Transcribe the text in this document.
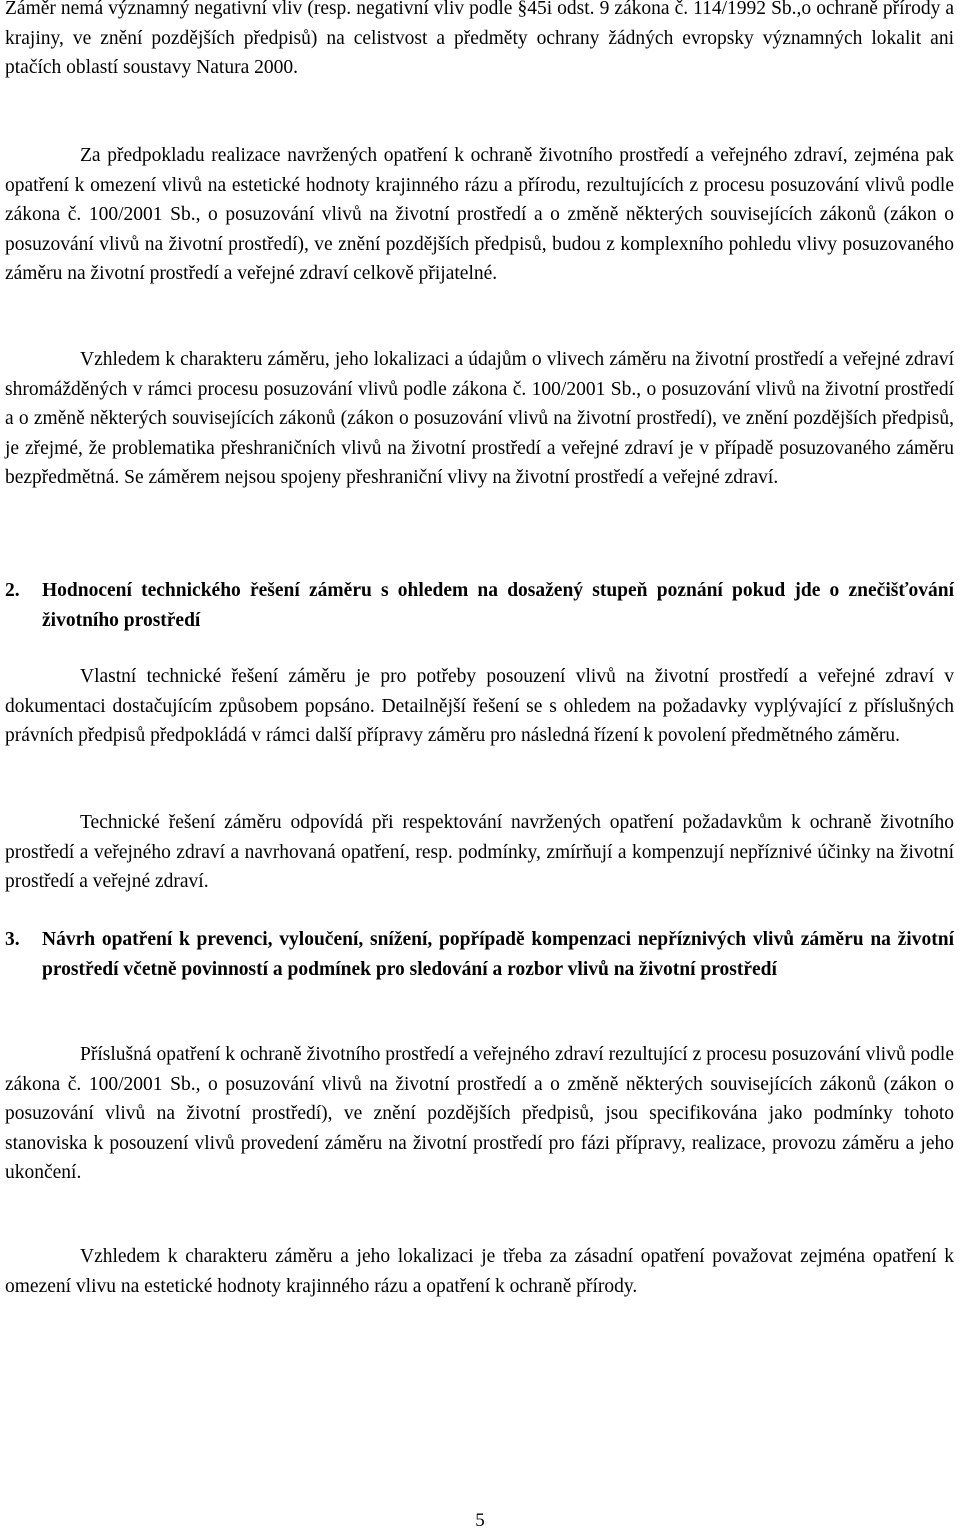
Záměr nemá významný negativní vliv (resp. negativní vliv podle §45i odst. 9 zákona č. 114/1992 Sb.,o ochraně přírody a krajiny, ve znění pozdějších předpisů) na celistvost a předměty ochrany žádných evropsky významných lokalit ani ptačích oblastí soustavy Natura 2000.

Za předpokladu realizace navržených opatření k ochraně životního prostředí a veřejného zdraví, zejména pak opatření k omezení vlivů na estetické hodnoty krajinného rázu a přírodu, rezultujících z procesu posuzování vlivů podle zákona č. 100/2001 Sb., o posuzování vlivů na životní prostředí a o změně některých souvisejících zákonů (zákon o posuzování vlivů na životní prostředí), ve znění pozdějších předpisů, budou z komplexního pohledu vlivy posuzovaného záměru na životní prostředí a veřejné zdraví celkově přijatelné.

Vzhledem k charakteru záměru, jeho lokalizaci a údajům o vlivech záměru na životní prostředí a veřejné zdraví shromážděných v rámci procesu posuzování vlivů podle zákona č. 100/2001 Sb., o posuzování vlivů na životní prostředí a o změně některých souvisejících zákonů (zákon o posuzování vlivů na životní prostředí), ve znění pozdějších předpisů, je zřejmé, že problematika přeshraničních vlivů na životní prostředí a veřejné zdraví je v případě posuzovaného záměru bezpředmětná. Se záměrem nejsou spojeny přeshraniční vlivy na životní prostředí a veřejné zdraví.

2. Hodnocení technického řešení záměru s ohledem na dosažený stupeň poznání pokud jde o znečišťování životního prostředí

Vlastní technické řešení záměru je pro potřeby posouzení vlivů na životní prostředí a veřejné zdraví v dokumentaci dostačujícím způsobem popsáno. Detailnější řešení se s ohledem na požadavky vyplývající z příslušných právních předpisů předpokládá v rámci další přípravy záměru pro následná řízení k povolení předmětného záměru.

Technické řešení záměru odpovídá při respektování navržených opatření požadavkům k ochraně životního prostředí a veřejného zdraví a navrhovaná opatření, resp. podmínky, zmírňují a kompenzují nepříznivé účinky na životní prostředí a veřejné zdraví.

3. Návrh opatření k prevenci, vyloučení, snížení, popřípadě kompenzaci nepříznivých vlivů záměru na životní prostředí včetně povinností a podmínek pro sledování a rozbor vlivů na životní prostředí

Příslušná opatření k ochraně životního prostředí a veřejného zdraví rezultující z procesu posuzování vlivů podle zákona č. 100/2001 Sb., o posuzování vlivů na životní prostředí a o změně některých souvisejících zákonů (zákon o posuzování vlivů na životní prostředí), ve znění pozdějších předpisů, jsou specifikována jako podmínky tohoto stanoviska k posouzení vlivů provedení záměru na životní prostředí pro fázi přípravy, realizace, provozu záměru a jeho ukončení.

Vzhledem k charakteru záměru a jeho lokalizaci je třeba za zásadní opatření považovat zejména opatření k omezení vlivu na estetické hodnoty krajinného rázu a opatření k ochraně přírody.

5
